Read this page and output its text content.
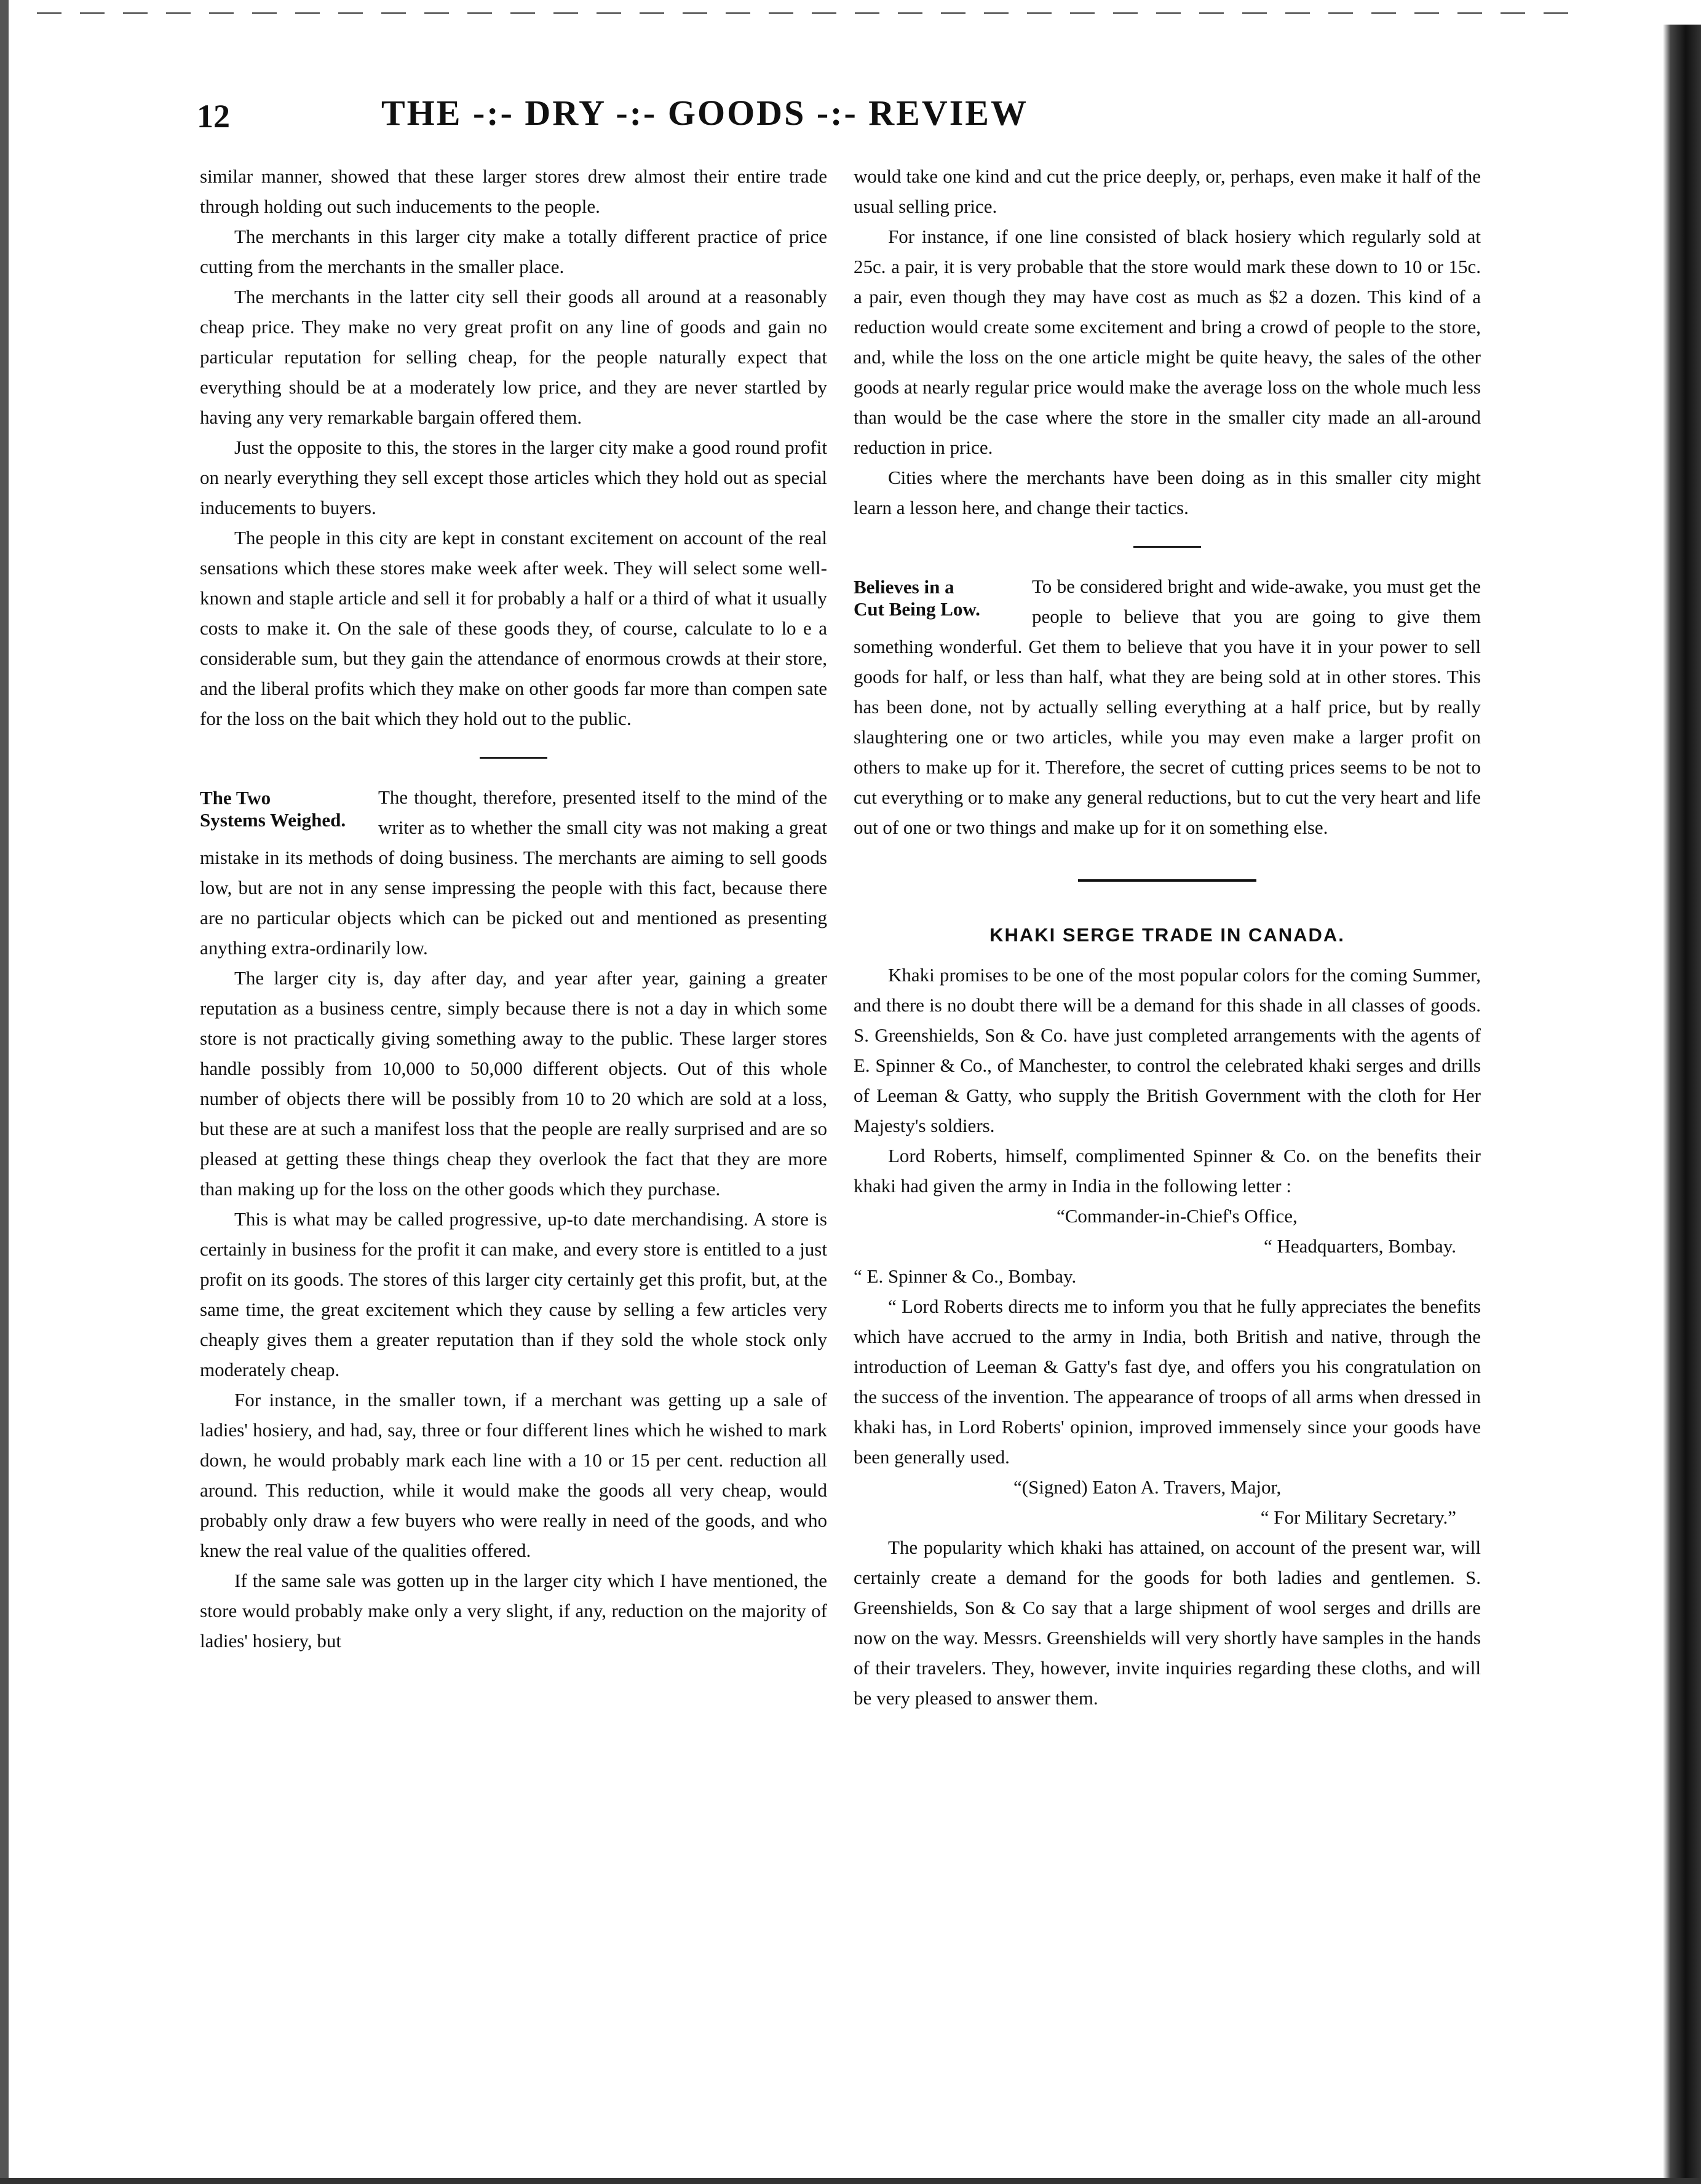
12	THE -:- DRY -:- GOODS -:- REVIEW

similar manner, showed that these larger stores drew almost their entire trade through holding out such inducements to the people.

The merchants in this larger city make a totally different practice of price cutting from the merchants in the smaller place.

The merchants in the latter city sell their goods all around at a reasonably cheap price. They make no very great profit on any line of goods and gain no particular reputation for selling cheap, for the people naturally expect that everything should be at a moderately low price, and they are never startled by having any very remarkable bargain offered them.

Just the opposite to this, the stores in the larger city make a good round profit on nearly everything they sell except those articles which they hold out as special inducements to buyers.

The people in this city are kept in constant excitement on account of the real sensations which these stores make week after week. They will select some well-known and staple article and sell it for probably a half or a third of what it usually costs to make it. On the sale of these goods they, of course, calculate to lo e a considerable sum, but they gain the attendance of enormous crowds at their store, and the liberal profits which they make on other goods far more than compen sate for the loss on the bait which they hold out to the public.

The Two
Systems Weighed.

The thought, therefore, presented itself to the mind of the writer as to whether the small city was not making a great mistake in its methods of doing business. The merchants are aiming to sell goods low, but are not in any sense impressing the people with this fact, because there are no particular objects which can be picked out and mentioned as presenting anything extra-ordinarily low.

The larger city is, day after day, and year after year, gaining a greater reputation as a business centre, simply because there is not a day in which some store is not practically giving something away to the public. These larger stores handle possibly from 10,000 to 50,000 different objects. Out of this whole number of objects there will be possibly from 10 to 20 which are sold at a loss, but these are at such a manifest loss that the people are really surprised and are so pleased at getting these things cheap they overlook the fact that they are more than making up for the loss on the other goods which they purchase.

This is what may be called progressive, up-to date merchandising. A store is certainly in business for the profit it can make, and every store is entitled to a just profit on its goods. The stores of this larger city certainly get this profit, but, at the same time, the great excitement which they cause by selling a few articles very cheaply gives them a greater reputation than if they sold the whole stock only moderately cheap.

For instance, in the smaller town, if a merchant was getting up a sale of ladies' hosiery, and had, say, three or four different lines which he wished to mark down, he would probably mark each line with a 10 or 15 per cent. reduction all around. This reduction, while it would make the goods all very cheap, would probably only draw a few buyers who were really in need of the goods, and who knew the real value of the qualities offered.

If the same sale was gotten up in the larger city which I have mentioned, the store would probably make only a very slight, if any, reduction on the majority of ladies' hosiery, but

would take one kind and cut the price deeply, or, perhaps, even make it half of the usual selling price.

For instance, if one line consisted of black hosiery which regularly sold at 25c. a pair, it is very probable that the store would mark these down to 10 or 15c. a pair, even though they may have cost as much as $2 a dozen. This kind of a reduction would create some excitement and bring a crowd of people to the store, and, while the loss on the one article might be quite heavy, the sales of the other goods at nearly regular price would make the average loss on the whole much less than would be the case where the store in the smaller city made an all-around reduction in price.

Cities where the merchants have been doing as in this smaller city might learn a lesson here, and change their tactics.

Believes in a
Cut Being Low.

To be considered bright and wide-awake, you must get the people to believe that you are going to give them something wonderful. Get them to believe that you have it in your power to sell goods for half, or less than half, what they are being sold at in other stores. This has been done, not by actually selling everything at a half price, but by really slaughtering one or two articles, while you may even make a larger profit on others to make up for it. Therefore, the secret of cutting prices seems to be not to cut everything or to make any general reductions, but to cut the very heart and life out of one or two things and make up for it on something else.

KHAKI SERGE TRADE IN CANADA.

Khaki promises to be one of the most popular colors for the coming Summer, and there is no doubt there will be a demand for this shade in all classes of goods. S. Greenshields, Son & Co. have just completed arrangements with the agents of E. Spinner & Co., of Manchester, to control the celebrated khaki serges and drills of Leeman & Gatty, who supply the British Government with the cloth for Her Majesty's soldiers.

Lord Roberts, himself, complimented Spinner & Co. on the benefits their khaki had given the army in India in the following letter :

“Commander-in-Chief's Office,
“ Headquarters, Bombay.
“ E. Spinner & Co., Bombay.

“ Lord Roberts directs me to inform you that he fully appreciates the benefits which have accrued to the army in India, both British and native, through the introduction of Leeman & Gatty's fast dye, and offers you his congratulation on the success of the invention. The appearance of troops of all arms when dressed in khaki has, in Lord Roberts' opinion, improved immensely since your goods have been generally used.

“(Signed) Eaton A. Travers, Major,
“ For Military Secretary.”

The popularity which khaki has attained, on account of the present war, will certainly create a demand for the goods for both ladies and gentlemen. S. Greenshields, Son & Co say that a large shipment of wool serges and drills are now on the way. Messrs. Greenshields will very shortly have samples in the hands of their travelers. They, however, invite inquiries regarding these cloths, and will be very pleased to answer them.
